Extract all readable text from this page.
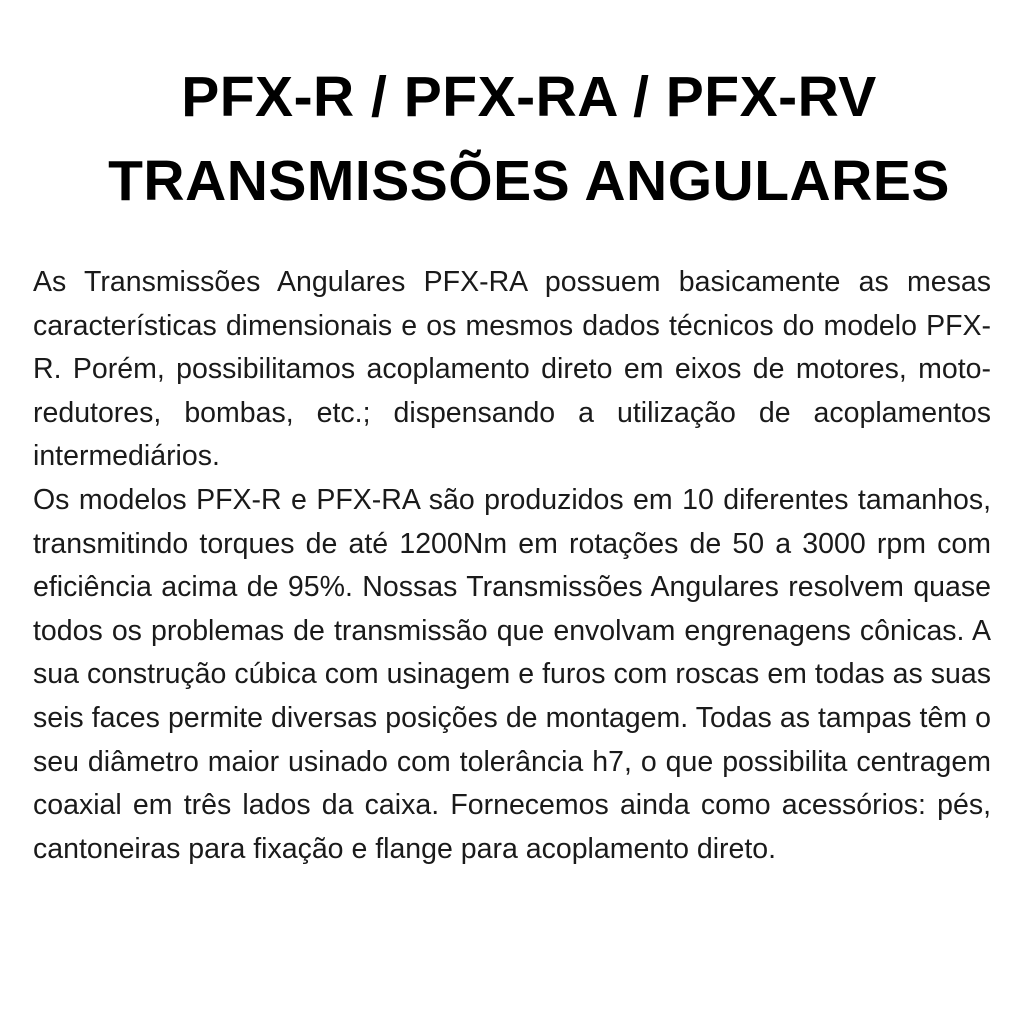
PFX-R / PFX-RA / PFX-RV
TRANSMISSÕES ANGULARES

As Transmissões Angulares PFX-RA possuem basicamente as mesas características dimensionais e os mesmos dados técnicos do modelo PFX-R. Porém, possibilitamos acoplamento direto em eixos de motores, moto-redutores, bombas, etc.; dispensando a utilização de acoplamentos intermediários.

Os modelos PFX-R e PFX-RA são produzidos em 10 diferentes tamanhos, transmitindo torques de até 1200Nm em rotações de 50 a 3000 rpm com eficiência acima de 95%. Nossas Transmissões Angulares resolvem quase todos os problemas de transmissão que envolvam engrenagens cônicas. A sua construção cúbica com usinagem e furos com roscas em todas as suas seis faces permite diversas posições de montagem. Todas as tampas têm o seu diâmetro maior usinado com tolerância h7, o que possibilita centragem coaxial em três lados da caixa. Fornecemos ainda como acessórios: pés, cantoneiras para fixação e flange para acoplamento direto.
